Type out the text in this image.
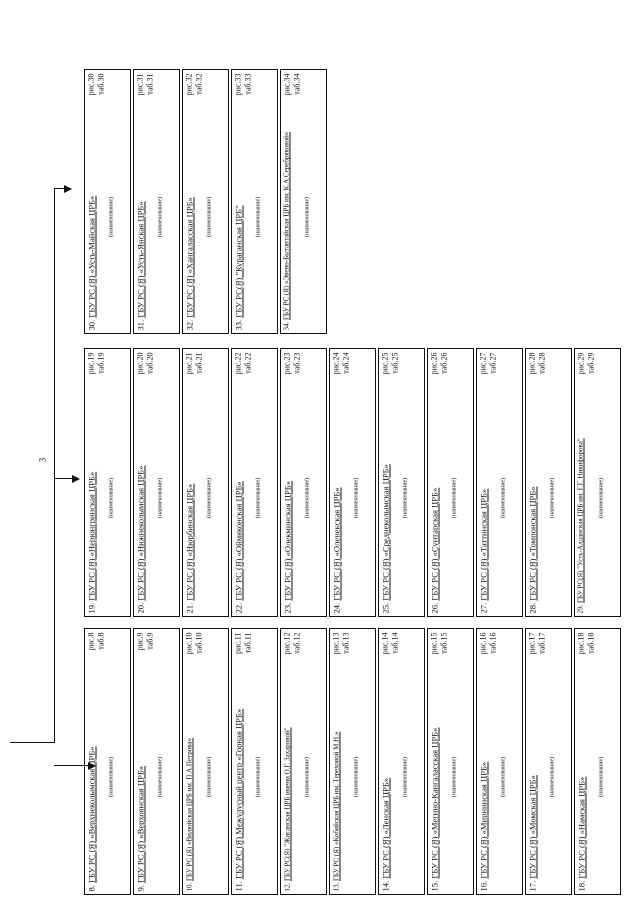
3
8. ГБУ РС (Я) «Верхнеколымская ЦРБ»
рис.8 таб.8
(наименование)
9. ГБУ РС (Я) «Верхоянская ЦРБ»
рис.9 таб.9
(наименование)
10. ГБУ РС (Я) «Вилюйская ЦРБ им. П.А.Петрова»
рис.10 таб.10
(наименование)
11. ГБУ РС (Я) Межулусный центр «Горная ЦРБ»
рис.11 таб.11
(наименование)
12. ГБУ РС(Я) "Жиганская ЦРБ имени О.Г. Захаровой"
рис.12 таб.12
(наименование)
13. ГБУ РС (Я) «Кобяйская ЦРБ им. Тереховой М.Н.»
рис.13 таб.13
(наименование)
14. ГБУ РС (Я) «Ленская ЦРБ»
рис.14 таб.14
(наименование)
15. ГБУ РС (Я) «Мегино-Кангаласская ЦРБ»
рис.15 таб.15
(наименование)
16. ГБУ РС (Я) «Мирнинская ЦРБ»
рис.16 таб.16
(наименование)
17. ГБУ РС (Я) «Момская ЦРБ»
рис.17 таб.17
(наименование)
18. ГБУ РС (Я) «Намская ЦРБ»
рис.18 таб.18
(наименование)
19. ГБУ РС (Я) «Нерюнгринская ЦРБ»
рис.19 таб.19
(наименование)
20. ГБУ РС (Я) «Нижнеколымская ЦРБ»
рис.20 таб.20
(наименование)
21. ГБУ РС (Я) «Нюрбинская ЦРБ»
рис.21 таб.21
(наименование)
22. ГБУ РС (Я) «Оймяконская ЦРБ»
рис.22 таб.22
(наименование)
23. ГБУ РС (Я) «Олекминская ЦРБ»
рис.23 таб.23
(наименование)
24. ГБУ РС (Я) «Оленекская ЦРБ»
рис.24 таб.24
(наименование)
25. ГБУ РС (Я) «Среднеколымская ЦРБ»
рис.25 таб.25
(наименование)
26. ГБУ РС (Я) «Сунтарская ЦРБ»
рис.26 таб.26
(наименование)
27. ГБУ РС (Я) «Таттинская ЦРБ»
рис.27 таб.27
(наименование)
28. ГБУ РС (Я) «Томпонская ЦРБ»
рис.28 таб.28
(наименование)
29. ГБУ РС(Я) "Усть-Алданская ЦРБ им. Г.Г. Никифорова"
рис.29 таб.29
(наименование)
30. ГБУ РС (Я) «Усть-Майская ЦРБ»
рис.30 таб.30
(наименование)
31. ГБУ РС (Я) «Усть-Янская ЦРБ»
рис.31 таб.31
(наименование)
32. ГБУ РС (Я) «Хангаласская ЦРБ»
рис.32 таб.32
(наименование)
33. ГБУ РС(Я) "Кураганская ЦРБ"
рис.33 таб.33
(наименование)
34. ГБУ РС (Я) «Эвено-Бытантайская ЦРБ им. К.А.Серебряковой»
рис.34 таб.34
(наименование)
